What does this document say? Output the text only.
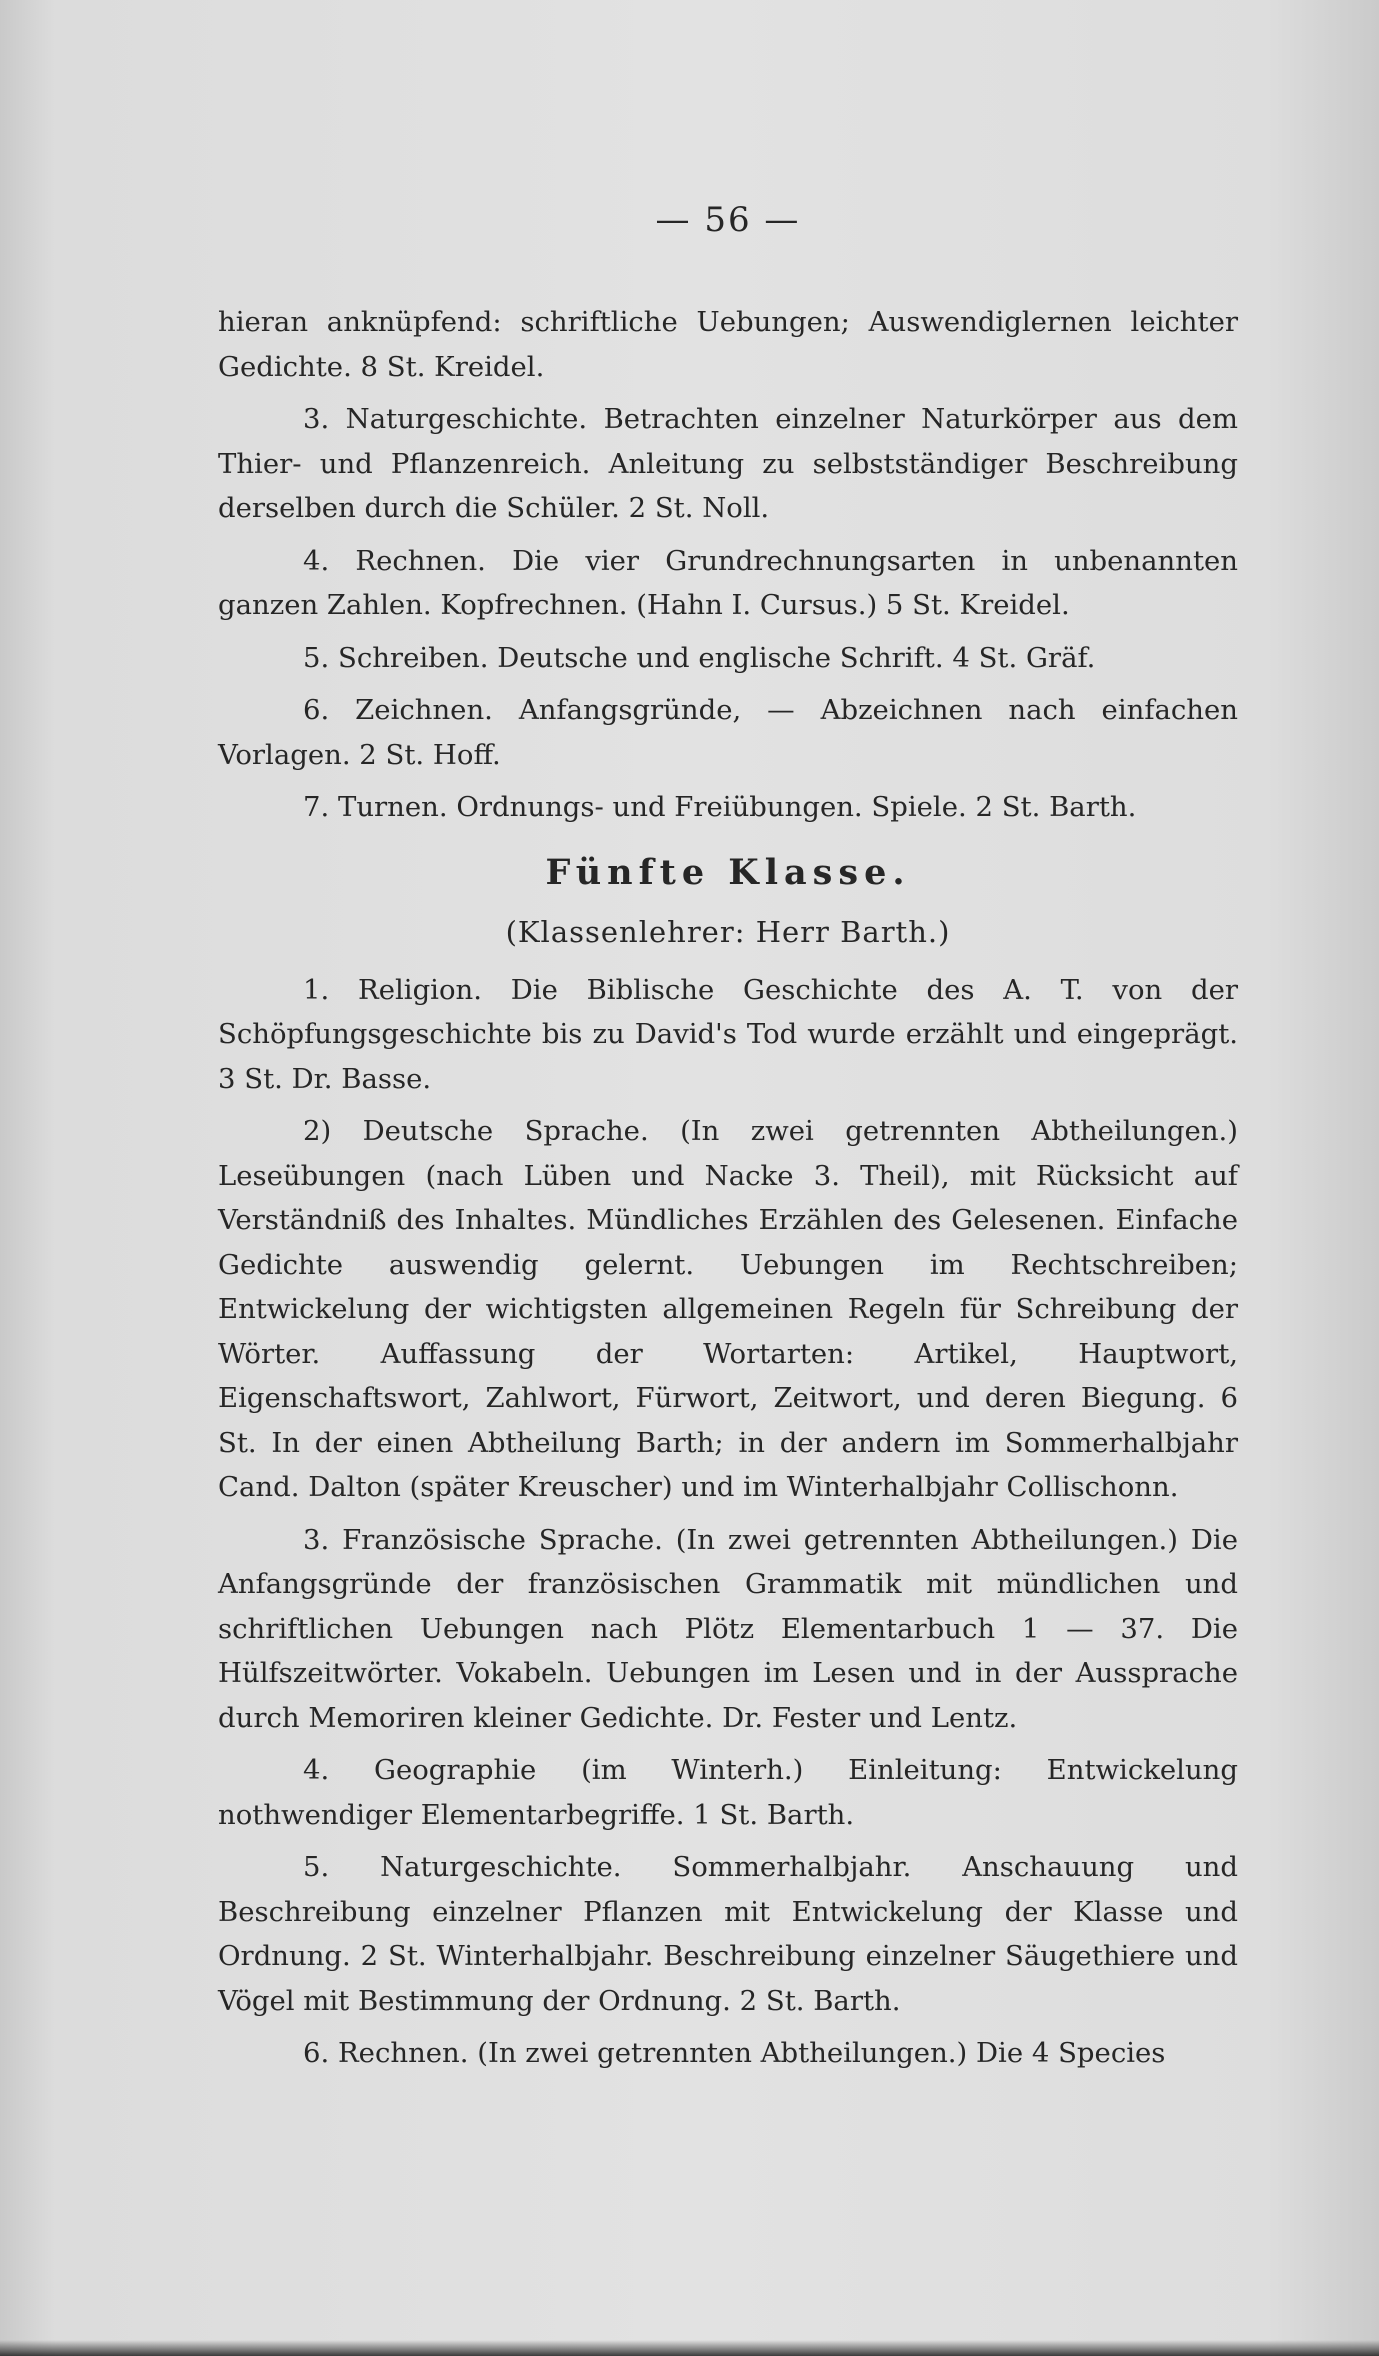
— 56 —

hieran anknüpfend: schriftliche Uebungen; Auswendiglernen leichter Gedichte. 8 St. Kreidel.

3. Naturgeschichte. Betrachten einzelner Naturkörper aus dem Thier- und Pflanzenreich. Anleitung zu selbstständiger Beschreibung derselben durch die Schüler. 2 St. Noll.

4. Rechnen. Die vier Grundrechnungsarten in unbenannten ganzen Zahlen. Kopfrechnen. (Hahn I. Cursus.) 5 St. Kreidel.

5. Schreiben. Deutsche und englische Schrift. 4 St. Gräf.

6. Zeichnen. Anfangsgründe, — Abzeichnen nach einfachen Vorlagen. 2 St. Hoff.

7. Turnen. Ordnungs- und Freiübungen. Spiele. 2 St. Barth.

Fünfte Klasse.
(Klassenlehrer: Herr Barth.)

1. Religion. Die Biblische Geschichte des A. T. von der Schöpfungsgeschichte bis zu David's Tod wurde erzählt und eingeprägt. 3 St. Dr. Basse.

2) Deutsche Sprache. (In zwei getrennten Abtheilungen.) Leseübungen (nach Lüben und Nacke 3. Theil), mit Rücksicht auf Verständniß des Inhaltes. Mündliches Erzählen des Gelesenen. Einfache Gedichte auswendig gelernt. Uebungen im Rechtschreiben; Entwickelung der wichtigsten allgemeinen Regeln für Schreibung der Wörter. Auffassung der Wortarten: Artikel, Hauptwort, Eigenschaftswort, Zahlwort, Fürwort, Zeitwort, und deren Biegung. 6 St. In der einen Abtheilung Barth; in der andern im Sommerhalbjahr Cand. Dalton (später Kreuscher) und im Winterhalbjahr Collischonn.

3. Französische Sprache. (In zwei getrennten Abtheilungen.) Die Anfangsgründe der französischen Grammatik mit mündlichen und schriftlichen Uebungen nach Plötz Elementarbuch 1 — 37. Die Hülfszeitwörter. Vokabeln. Uebungen im Lesen und in der Aussprache durch Memoriren kleiner Gedichte. Dr. Fester und Lentz.

4. Geographie (im Winterh.) Einleitung: Entwickelung nothwendiger Elementarbegriffe. 1 St. Barth.

5. Naturgeschichte. Sommerhalbjahr. Anschauung und Beschreibung einzelner Pflanzen mit Entwickelung der Klasse und Ordnung. 2 St. Winterhalbjahr. Beschreibung einzelner Säugethiere und Vögel mit Bestimmung der Ordnung. 2 St. Barth.

6. Rechnen. (In zwei getrennten Abtheilungen.) Die 4 Species
